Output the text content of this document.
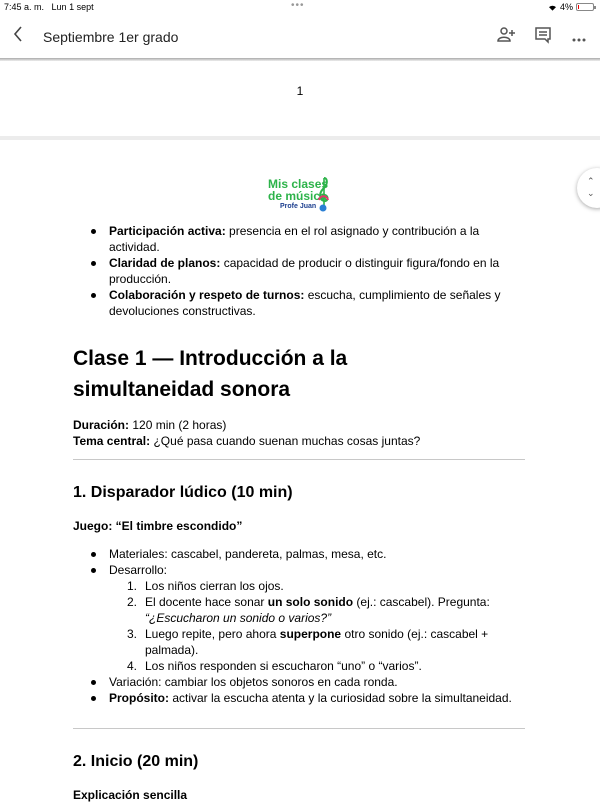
7:45 a. m. Lun 1 sept	•••	4%
Septiembre 1er grado
1
Mis clases
de música
Profe Juan
⌃
⌄
Participación activa: presencia en el rol asignado y contribución a la actividad.
Claridad de planos: capacidad de producir o distinguir figura/fondo en la producción.
Colaboración y respeto de turnos: escucha, cumplimiento de señales y devoluciones constructivas.
Clase 1 — Introducción a la simultaneidad sonora
Duración: 120 min (2 horas)
Tema central: ¿Qué pasa cuando suenan muchas cosas juntas?
1. Disparador lúdico (10 min)
Juego: “El timbre escondido”
Materiales: cascabel, pandereta, palmas, mesa, etc.
Desarrollo:
1. Los niños cierran los ojos.
2. El docente hace sonar un solo sonido (ej.: cascabel). Pregunta: “¿Escucharon un sonido o varios?”
3. Luego repite, pero ahora superpone otro sonido (ej.: cascabel + palmada).
4. Los niños responden si escucharon “uno” o “varios”.
Variación: cambiar los objetos sonoros en cada ronda.
Propósito: activar la escucha atenta y la curiosidad sobre la simultaneidad.
2. Inicio (20 min)
Explicación sencilla
